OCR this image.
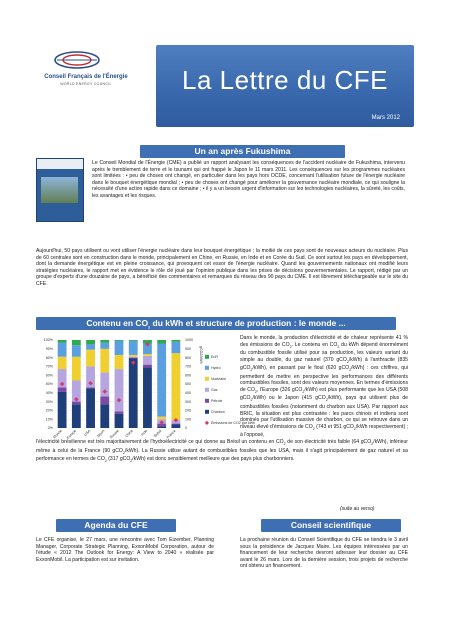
Conseil Français de l'Énergie
WORLD ENERGY COUNCIL	La Lettre du CFE
Mars 2012
Un an après Fukushima
Le Conseil Mondial de l'Énergie (CME) a publié un rapport analysant les conséquences de l'accident nucléaire de Fukushima, intervenu après le tremblement de terre et le tsunami qui ont frappé le Japon le 11 mars 2011. Les conséquences sur les programmes nucléaires sont limitées : • peu de choses ont changé, en particulier dans les pays hors OCDE, concernant l'utilisation future de l'énergie nucléaire dans le bouquet énergétique mondial ; • peu de choses ont changé pour améliorer la gouvernance nucléaire mondiale, ce qui souligne la nécessité d'une action rapide dans ce domaine ; • il y a un besoin urgent d'information sur les technologies nucléaires, la sûreté, les coûts, les avantages et les risques.
Aujourd'hui, 50 pays utilisent ou vont utiliser l'énergie nucléaire dans leur bouquet énergétique ; la moitié de ces pays sont de nouveaux acteurs du nucléaire. Plus de 60 centrales sont en construction dans le monde, principalement en Chine, en Russie, en Inde et en Corée du Sud. Ce sont surtout les pays en développement, dont la demande énergétique est en pleine croissance, qui provoquent cet essor de l'énergie nucléaire. Quand les gouvernements nationaux ont modifié leurs stratégies nucléaires, le rapport met en évidence le rôle clé joué par l'opinion publique dans les prises de décisions gouvernementales. Le rapport, rédigé par un groupe d'experts d'une douzaine de pays, a bénéficié des commentaires et remarques du réseau des 90 pays du CME. Il est librement téléchargeable sur le site du CFE.
Contenu en $CO_2$ du kWh et structure de production : le monde ...
100%
90%
80%
70%
60%
50%
40%
30%
20%
10%
0%
1000
900
800
700
600
500
400
300
200
100
0
gCO2/kWh
Monde Europe USA Japon Russie Chine Inde Brésil France
EnR
Hydro
Nucléaire
Gaz
Pétrole
Charbon
Émissions de CO2 par kWh
Dans le monde, la production d'électricité et de chaleur représente 41 % des émissions de $CO_2$. Le contenu en $CO_2$ du kWh dépend énormément du combustible fossile utilisé pour sa production, les valeurs variant du simple au double, du gaz naturel (370 gCO$_2$/kWh) à l'anthracite (835 gCO$_2$/kWh), en passant par le fioul (620 gCO$_2$/kWh) : ces chiffres, qui permettent de mettre en perspective les performances des différents combustibles fossiles, sont des valeurs moyennes. En termes d'émissions de $CO_2$, l'Europe (326 gCO$_2$/kWh) est plus performante que les USA (508 gCO$_2$/kWh) ou le Japon (415 gCO$_2$/kWh), pays qui utilisent plus de combustibles fossiles (notamment du charbon aux USA). Par rapport aux BRIC, la situation est plus contrastée : les parcs chinois et indiens sont dominés par l'utilisation massive de charbon, ce qui se retrouve dans un niveau élevé d'émissions de $CO_2$ (743 et 951 gCO$_2$/kWh respectivement) ; à l'opposé,
l'électricité brésilienne est très majoritairement de l'hydroélectricité ce qui donne au Brésil un contenu en $CO_2$ de son électricité très faible (64 gCO$_2$/kWh), inférieur même à celui de la France (90 gCO$_2$/kWh). La Russie utilise autant de combustibles fossiles que les USA, mais il s'agit principalement de gaz naturel et sa performance en termes de $CO_2$ (317 gCO$_2$/kWh) est donc sensiblement meilleure que des pays plus charbonniers.
(suite au verso)
Agenda du CFE	Conseil scientifique
Le CFE organise, le 27 mars, une rencontre avec Tom Eizember, Planning Manager, Corporate Strategic Planning, ExxonMobil Corporation, autour de l'étude « 2012 The Outlook for Energy: A View to 2040 » réalisée par ExxonMobil. La participation est sur invitation.
La prochaine réunion du Conseil Scientifique du CFE se tiendra le 3 avril sous la présidence de Jacques Maire. Les équipes intéressées par un financement de leur recherche devront adresser leur dossier au CFE avant le 26 mars. Lors de la dernière session, trois projets de recherche ont obtenu un financement.
